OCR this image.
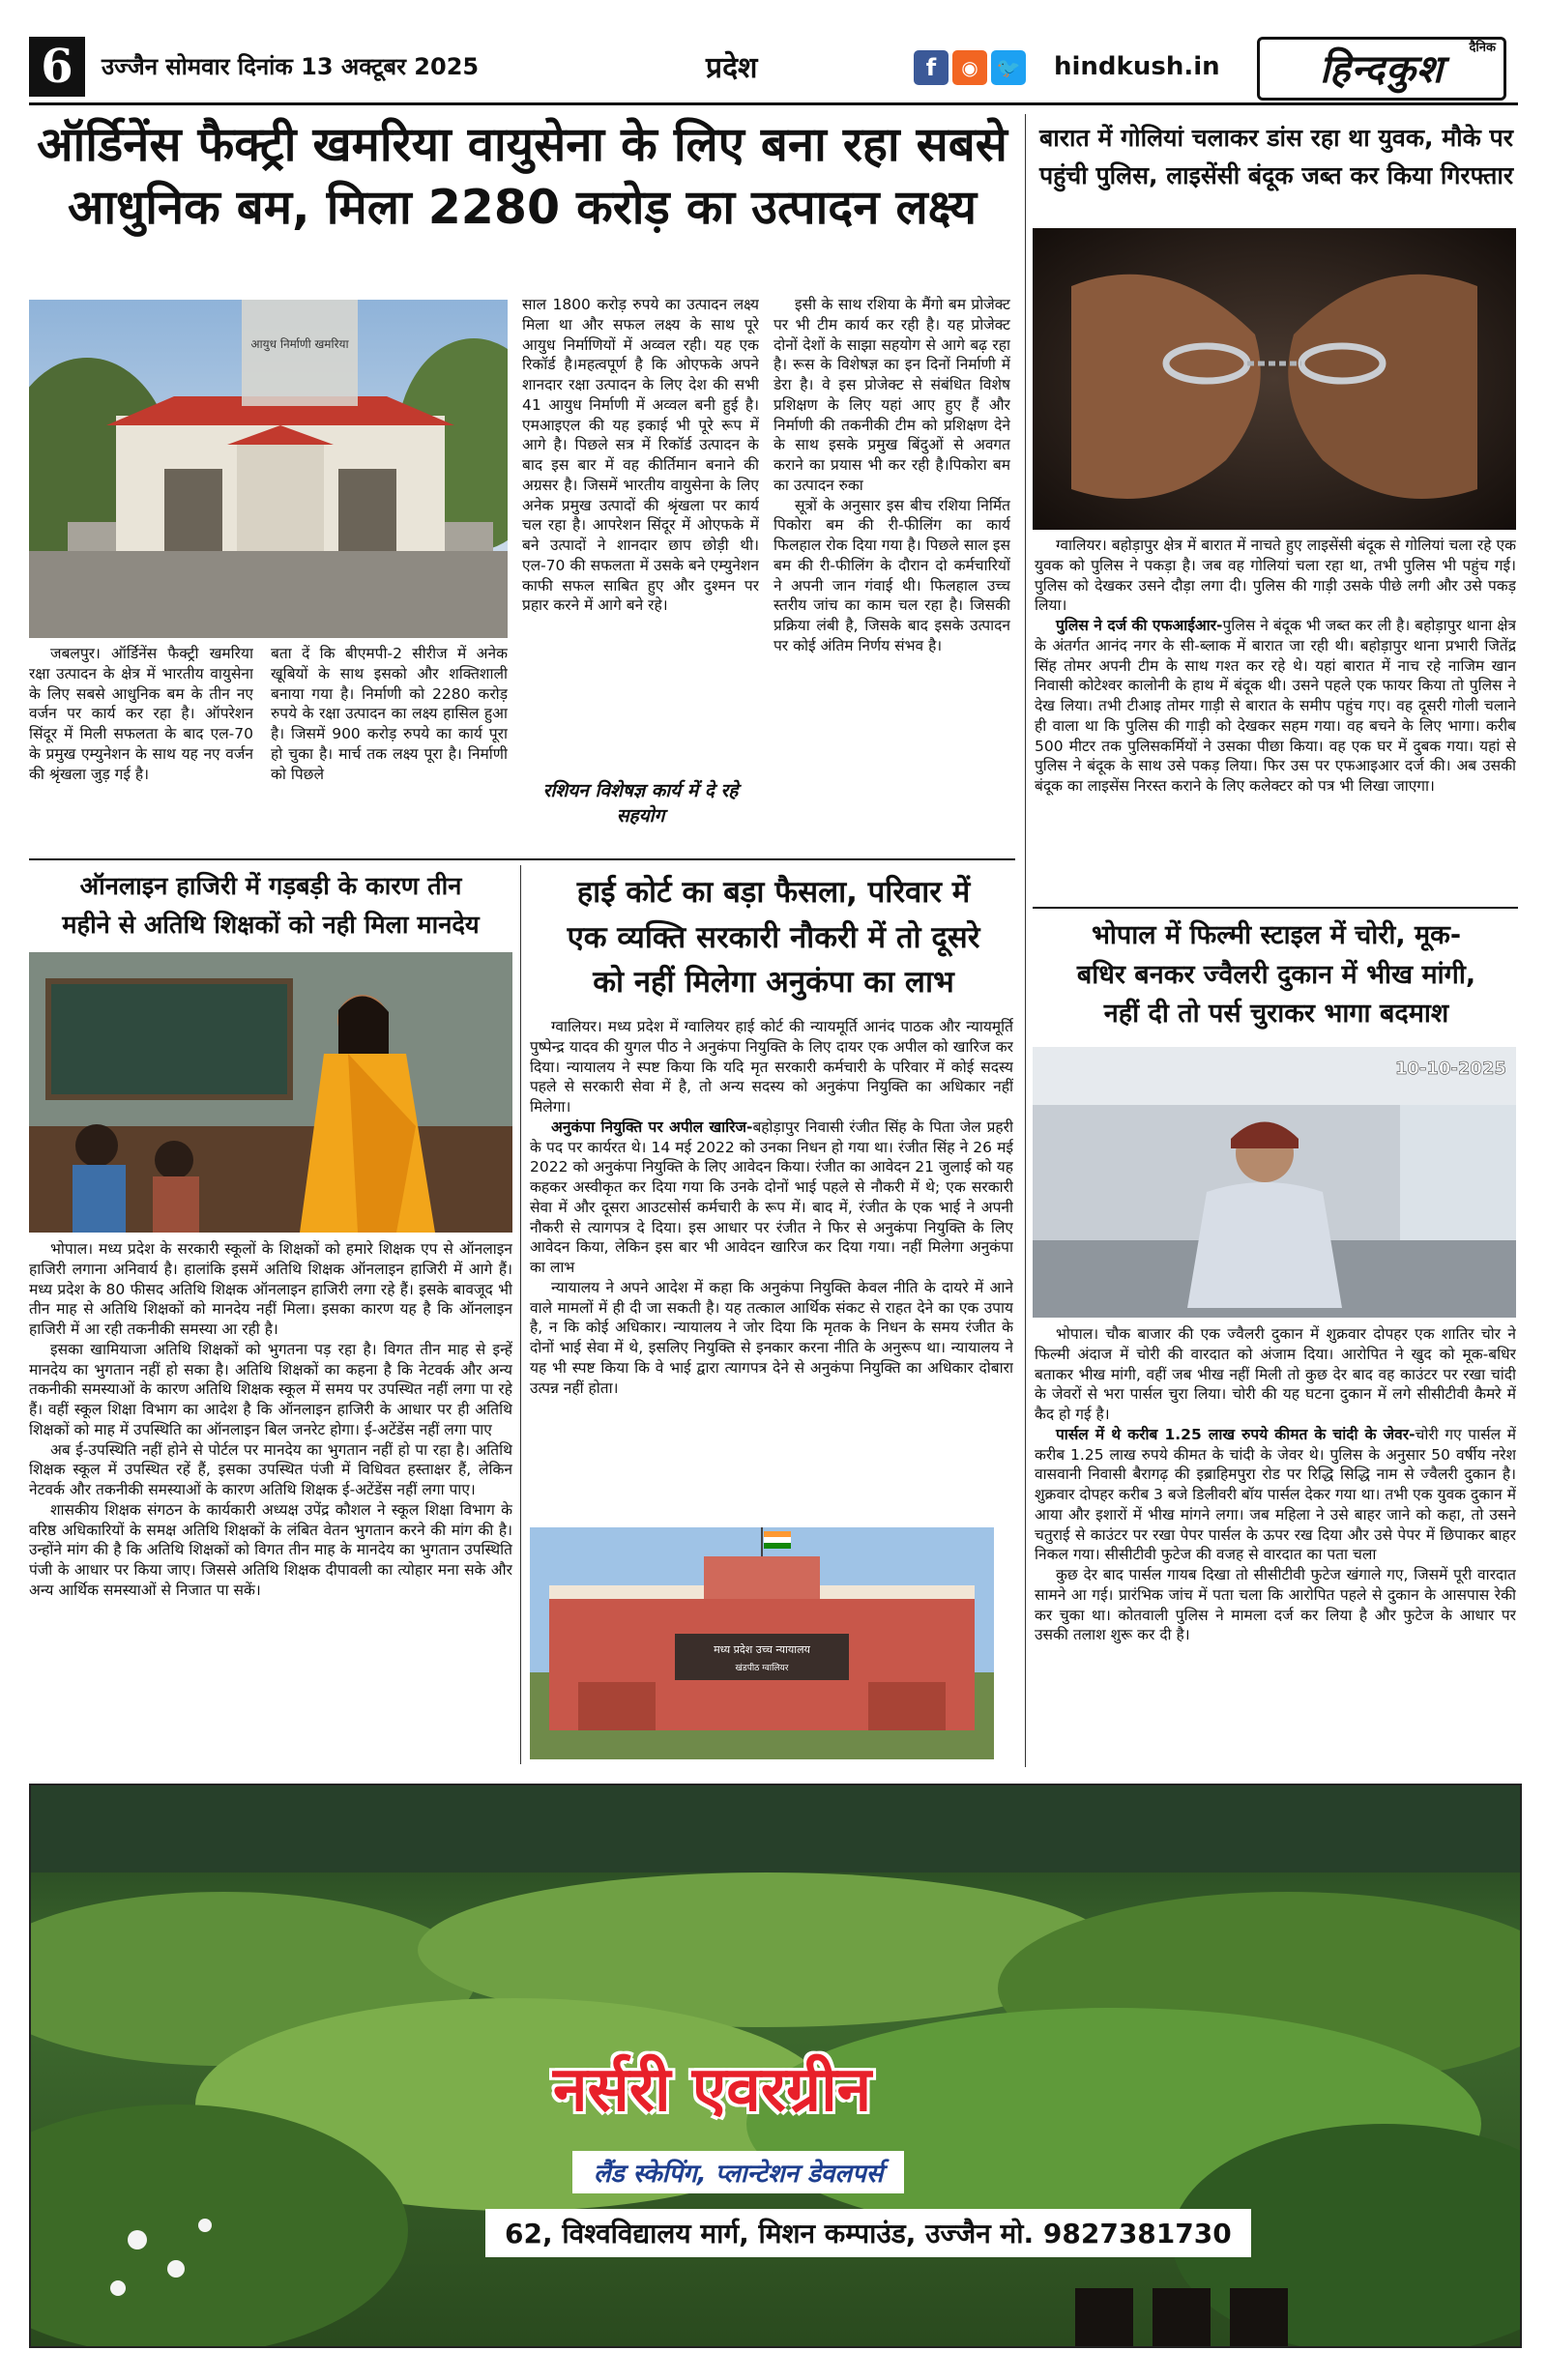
6	उज्जैन सोमवार दिनांक 13 अक्टूबर 2025	प्रदेश	f	◉ 🐦 hindkush.in
दैनिक
हिन्दकुश
ऑर्डिनेंस फैक्ट्री खमरिया वायुसेना के लिए बना रहा सबसे
आधुनिक बम, मिला 2280 करोड़ का उत्पादन लक्ष्य
आयुध निर्माणी खमरिया

जबलपुर। ऑर्डिनेंस फैक्ट्री खमरिया रक्षा उत्पादन के क्षेत्र में भारतीय वायुसेना के लिए सबसे आधुनिक बम के तीन नए वर्जन पर कार्य कर रहा है। ऑपरेशन सिंदूर में मिली सफलता के बाद एल-70 के प्रमुख एम्युनेशन के साथ यह नए वर्जन की श्रृंखला जुड़ गई है।

बता दें कि बीएमपी-2 सीरीज में अनेक खूबियों के साथ इसको और शक्तिशाली बनाया गया है। निर्माणी को 2280 करोड़ रुपये के रक्षा उत्पादन का लक्ष्य हासिल हुआ है। जिसमें 900 करोड़ रुपये का कार्य पूरा हो चुका है। मार्च तक लक्ष्य पूरा है। निर्माणी को पिछले

साल 1800 करोड़ रुपये का उत्पादन लक्ष्य मिला था और सफल लक्ष्य के साथ पूरे आयुध निर्माणियों में अव्वल रही। यह एक रिकॉर्ड है।महत्वपूर्ण है कि ओएफके अपने शानदार रक्षा उत्पादन के लिए देश की सभी 41 आयुध निर्माणी में अव्वल बनी हुई है। एमआइएल की यह इकाई भी पूरे रूप में आगे है। पिछले सत्र में रिकॉर्ड उत्पादन के बाद इस बार में वह कीर्तिमान बनाने की अग्रसर है। जिसमें भारतीय वायुसेना के लिए अनेक प्रमुख उत्पादों की श्रृंखला पर कार्य चल रहा है। आपरेशन सिंदूर में ओएफके में बने उत्पादों ने शानदार छाप छोड़ी थी। एल-70 की सफलता में उसके बने एम्युनेशन काफी सफल साबित हुए और दुश्मन पर प्रहार करने में आगे बने रहे।

रशियन विशेषज्ञ कार्य में दे रहे सहयोग

इसी के साथ रशिया के मैंगो बम प्रोजेक्ट पर भी टीम कार्य कर रही है। यह प्रोजेक्ट दोनों देशों के साझा सहयोग से आगे बढ़ रहा है। रूस के विशेषज्ञ का इन दिनों निर्माणी में डेरा है। वे इस प्रोजेक्ट से संबंधित विशेष प्रशिक्षण के लिए यहां आए हुए हैं और निर्माणी की तकनीकी टीम को प्रशिक्षण देने के साथ इसके प्रमुख बिंदुओं से अवगत कराने का प्रयास भी कर रही है।पिकोरा बम का उत्पादन रुका

सूत्रों के अनुसार इस बीच रशिया निर्मित पिकोरा बम की री-फीलिंग का कार्य फिलहाल रोक दिया गया है। पिछले साल इस बम की री-फीलिंग के दौरान दो कर्मचारियों ने अपनी जान गंवाई थी। फिलहाल उच्च स्तरीय जांच का काम चल रहा है। जिसकी प्रक्रिया लंबी है, जिसके बाद इसके उत्पादन पर कोई अंतिम निर्णय संभव है।

बारात में गोलियां चलाकर डांस रहा था युवक, मौके पर
पहुंची पुलिस, लाइसेंसी बंदूक जब्त कर किया गिरफ्तार

ग्वालियर। बहोड़ापुर क्षेत्र में बारात में नाचते हुए लाइसेंसी बंदूक से गोलियां चला रहे एक युवक को पुलिस ने पकड़ा है। जब वह गोलियां चला रहा था, तभी पुलिस भी पहुंच गई। पुलिस को देखकर उसने दौड़ा लगा दी। पुलिस की गाड़ी उसके पीछे लगी और उसे पकड़ लिया।

पुलिस ने दर्ज की एफआईआर-पुलिस ने बंदूक भी जब्त कर ली है। बहोड़ापुर थाना क्षेत्र के अंतर्गत आनंद नगर के सी-ब्लाक में बारात जा रही थी। बहोड़ापुर थाना प्रभारी जितेंद्र सिंह तोमर अपनी टीम के साथ गश्त कर रहे थे। यहां बारात में नाच रहे नाजिम खान निवासी कोटेश्वर कालोनी के हाथ में बंदूक थी। उसने पहले एक फायर किया तो पुलिस ने देख लिया। तभी टीआइ तोमर गाड़ी से बारात के समीप पहुंच गए। वह दूसरी गोली चलाने ही वाला था कि पुलिस की गाड़ी को देखकर सहम गया। वह बचने के लिए भागा। करीब 500 मीटर तक पुलिसकर्मियों ने उसका पीछा किया। वह एक घर में दुबक गया। यहां से पुलिस ने बंदूक के साथ उसे पकड़ लिया। फिर उस पर एफआइआर दर्ज की। अब उसकी बंदूक का लाइसेंस निरस्त कराने के लिए कलेक्टर को पत्र भी लिखा जाएगा।

ऑनलाइन हाजिरी में गड़बड़ी के कारण तीन
महीने से अतिथि शिक्षकों को नही मिला मानदेय

भोपाल। मध्य प्रदेश के सरकारी स्कूलों के शिक्षकों को हमारे शिक्षक एप से ऑनलाइन हाजिरी लगाना अनिवार्य है। हालांकि इसमें अतिथि शिक्षक ऑनलाइन हाजिरी में आगे हैं। मध्य प्रदेश के 80 फीसद अतिथि शिक्षक ऑनलाइन हाजिरी लगा रहे हैं। इसके बावजूद भी तीन माह से अतिथि शिक्षकों को मानदेय नहीं मिला। इसका कारण यह है कि ऑनलाइन हाजिरी में आ रही तकनीकी समस्या आ रही है।

इसका खामियाजा अतिथि शिक्षकों को भुगतना पड़ रहा है। विगत तीन माह से इन्हें मानदेय का भुगतान नहीं हो सका है। अतिथि शिक्षकों का कहना है कि नेटवर्क और अन्य तकनीकी समस्याओं के कारण अतिथि शिक्षक स्कूल में समय पर उपस्थित नहीं लगा पा रहे हैं। वहीं स्कूल शिक्षा विभाग का आदेश है कि ऑनलाइन हाजिरी के आधार पर ही अतिथि शिक्षकों को माह में उपस्थिति का ऑनलाइन बिल जनरेट होगा। ई-अटेंडेंस नहीं लगा पाए

अब ई-उपस्थिति नहीं होने से पोर्टल पर मानदेय का भुगतान नहीं हो पा रहा है। अतिथि शिक्षक स्कूल में उपस्थित रहें हैं, इसका उपस्थित पंजी में विधिवत हस्ताक्षर हैं, लेकिन नेटवर्क और तकनीकी समस्याओं के कारण अतिथि शिक्षक ई-अटेंडेंस नहीं लगा पाए।

शासकीय शिक्षक संगठन के कार्यकारी अध्यक्ष उपेंद्र कौशल ने स्कूल शिक्षा विभाग के वरिष्ठ अधिकारियों के समक्ष अतिथि शिक्षकों के लंबित वेतन भुगतान करने की मांग की है। उन्होंने मांग की है कि अतिथि शिक्षकों को विगत तीन माह के मानदेय का भुगतान उपस्थिति पंजी के आधार पर किया जाए। जिससे अतिथि शिक्षक दीपावली का त्योहार मना सके और अन्य आर्थिक समस्याओं से निजात पा सकें।

हाई कोर्ट का बड़ा फैसला, परिवार में
एक व्यक्ति सरकारी नौकरी में तो दूसरे
को नहीं मिलेगा अनुकंपा का लाभ

ग्वालियर। मध्य प्रदेश में ग्वालियर हाई कोर्ट की न्यायमूर्ति आनंद पाठक और न्यायमूर्ति पुष्पेन्द्र यादव की युगल पीठ ने अनुकंपा नियुक्ति के लिए दायर एक अपील को खारिज कर दिया। न्यायालय ने स्पष्ट किया कि यदि मृत सरकारी कर्मचारी के परिवार में कोई सदस्य पहले से सरकारी सेवा में है, तो अन्य सदस्य को अनुकंपा नियुक्ति का अधिकार नहीं मिलेगा।

अनुकंपा नियुक्ति पर अपील खारिज-बहोड़ापुर निवासी रंजीत सिंह के पिता जेल प्रहरी के पद पर कार्यरत थे। 14 मई 2022 को उनका निधन हो गया था। रंजीत सिंह ने 26 मई 2022 को अनुकंपा नियुक्ति के लिए आवेदन किया। रंजीत का आवेदन 21 जुलाई को यह कहकर अस्वीकृत कर दिया गया कि उनके दोनों भाई पहले से नौकरी में थे; एक सरकारी सेवा में और दूसरा आउटसोर्स कर्मचारी के रूप में। बाद में, रंजीत के एक भाई ने अपनी नौकरी से त्यागपत्र दे दिया। इस आधार पर रंजीत ने फिर से अनुकंपा नियुक्ति के लिए आवेदन किया, लेकिन इस बार भी आवेदन खारिज कर दिया गया। नहीं मिलेगा अनुकंपा का लाभ

न्यायालय ने अपने आदेश में कहा कि अनुकंपा नियुक्ति केवल नीति के दायरे में आने वाले मामलों में ही दी जा सकती है। यह तत्काल आर्थिक संकट से राहत देने का एक उपाय है, न कि कोई अधिकार। न्यायालय ने जोर दिया कि मृतक के निधन के समय रंजीत के दोनों भाई सेवा में थे, इसलिए नियुक्ति से इनकार करना नीति के अनुरूप था। न्यायालय ने यह भी स्पष्ट किया कि वे भाई द्वारा त्यागपत्र देने से अनुकंपा नियुक्ति का अधिकार दोबारा उत्पन्न नहीं होता।

मध्य प्रदेश उच्च न्यायालय
खंडपीठ ग्वालियर
भोपाल में फिल्मी स्टाइल में चोरी, मूक-
बधिर बनकर ज्वैलरी दुकान में भीख मांगी,
नहीं दी तो पर्स चुराकर भागा बदमाश
10-10-2025

भोपाल। चौक बाजार की एक ज्वैलरी दुकान में शुक्रवार दोपहर एक शातिर चोर ने फिल्मी अंदाज में चोरी की वारदात को अंजाम दिया। आरोपित ने खुद को मूक-बधिर बताकर भीख मांगी, वहीं जब भीख नहीं मिली तो कुछ देर बाद वह काउंटर पर रखा चांदी के जेवरों से भरा पार्सल चुरा लिया। चोरी की यह घटना दुकान में लगे सीसीटीवी कैमरे में कैद हो गई है।

पार्सल में थे करीब 1.25 लाख रुपये कीमत के चांदी के जेवर-चोरी गए पार्सल में करीब 1.25 लाख रुपये कीमत के चांदी के जेवर थे। पुलिस के अनुसार 50 वर्षीय नरेश वासवानी निवासी बैरागढ़ की इब्राहिमपुरा रोड पर रिद्धि सिद्धि नाम से ज्वैलरी दुकान है। शुक्रवार दोपहर करीब 3 बजे डिलीवरी बॉय पार्सल देकर गया था। तभी एक युवक दुकान में आया और इशारों में भीख मांगने लगा। जब महिला ने उसे बाहर जाने को कहा, तो उसने चतुराई से काउंटर पर रखा पेपर पार्सल के ऊपर रख दिया और उसे पेपर में छिपाकर बाहर निकल गया। सीसीटीवी फुटेज की वजह से वारदात का पता चला

कुछ देर बाद पार्सल गायब दिखा तो सीसीटीवी फुटेज खंगाले गए, जिसमें पूरी वारदात सामने आ गई। प्रारंभिक जांच में पता चला कि आरोपित पहले से दुकान के आसपास रेकी कर चुका था। कोतवाली पुलिस ने मामला दर्ज कर लिया है और फुटेज के आधार पर उसकी तलाश शुरू कर दी है।

नर्सरी एवरग्रीन
लैंड स्केपिंग, प्लान्टेशन डेवलपर्स
62, विश्वविद्यालय मार्ग, मिशन कम्पाउंड, उज्जैन मो. 9827381730
